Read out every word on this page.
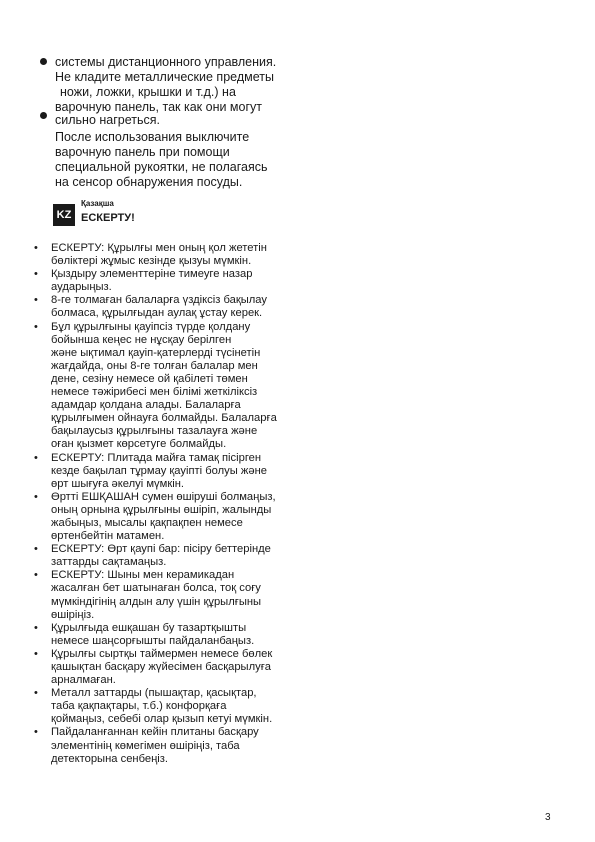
системы дистанционного управления.
Не кладите металлические предметы
ножи, ложки, крышки и т.д.) на
варочную панель, так как они могут
сильно нагреться.
После использования выключите
варочную панель при помощи
специальной рукоятки, не полагаясь
на сенсор обнаружения посуды.
KZ
Қазақша
ЕСКЕРТУ!
• ЕСКЕРТУ: Құрылғы мен оның қол жететін
бөліктері жұмыс кезінде қызуы мүмкін.
• Қыздыру элементтеріне тимеуге назар
аударыңыз.
• 8-ге толмаған балаларға үздіксіз бақылау
болмаса, құрылғыдан аулақ ұстау керек.
• Бұл құрылғыны қауіпсіз түрде қолдану
бойынша кеңес не нұсқау берілген
және ықтимал қауіп-қатерлерді түсінетін
жағдайда, оны 8-ге толған балалар мен
дене, сезіну немесе ой қабілеті төмен
немесе тәжірибесі мен білімі жеткіліксіз
адамдар қолдана алады. Балаларға
құрылғымен ойнауға болмайды. Балаларға
бақылаусыз құрылғыны тазалауға және
оған қызмет көрсетуге болмайды.
• ЕСКЕРТУ: Плитада майға тамақ пісірген
кезде бақылап тұрмау қауіпті болуы және
өрт шығуға әкелуі мүмкін.
• Өртті ЕШҚАШАН сумен өшіруші болмаңыз,
оның орнына құрылғыны өшіріп, жалынды
жабыңыз, мысалы қақпақпен немесе
өртенбейтін матамен.
• ЕСКЕРТУ: Өрт қаупі бар: пісіру беттерінде
заттарды сақтамаңыз.
• ЕСКЕРТУ: Шыны мен керамикадан
жасалған бет шатынаған болса, тоқ соғу
мүмкіндігінің алдын алу үшін құрылғыны
өшіріңіз.
• Құрылғыда ешқашан бу тазартқышты
немесе шаңсорғышты пайдаланбаңыз.
• Құрылғы сыртқы таймермен немесе бөлек
қашықтан басқару жүйесімен басқарылуға
арналмаған.
• Металл заттарды (пышақтар, қасықтар,
таба қақпақтары, т.б.) конфорқаға
қоймаңыз, себебі олар қызып кетуі мүмкін.
• Пайдаланғаннан кейін плитаны басқару
элементінің көмегімен өшіріңіз, таба
детекторына сенбеңіз.
3
